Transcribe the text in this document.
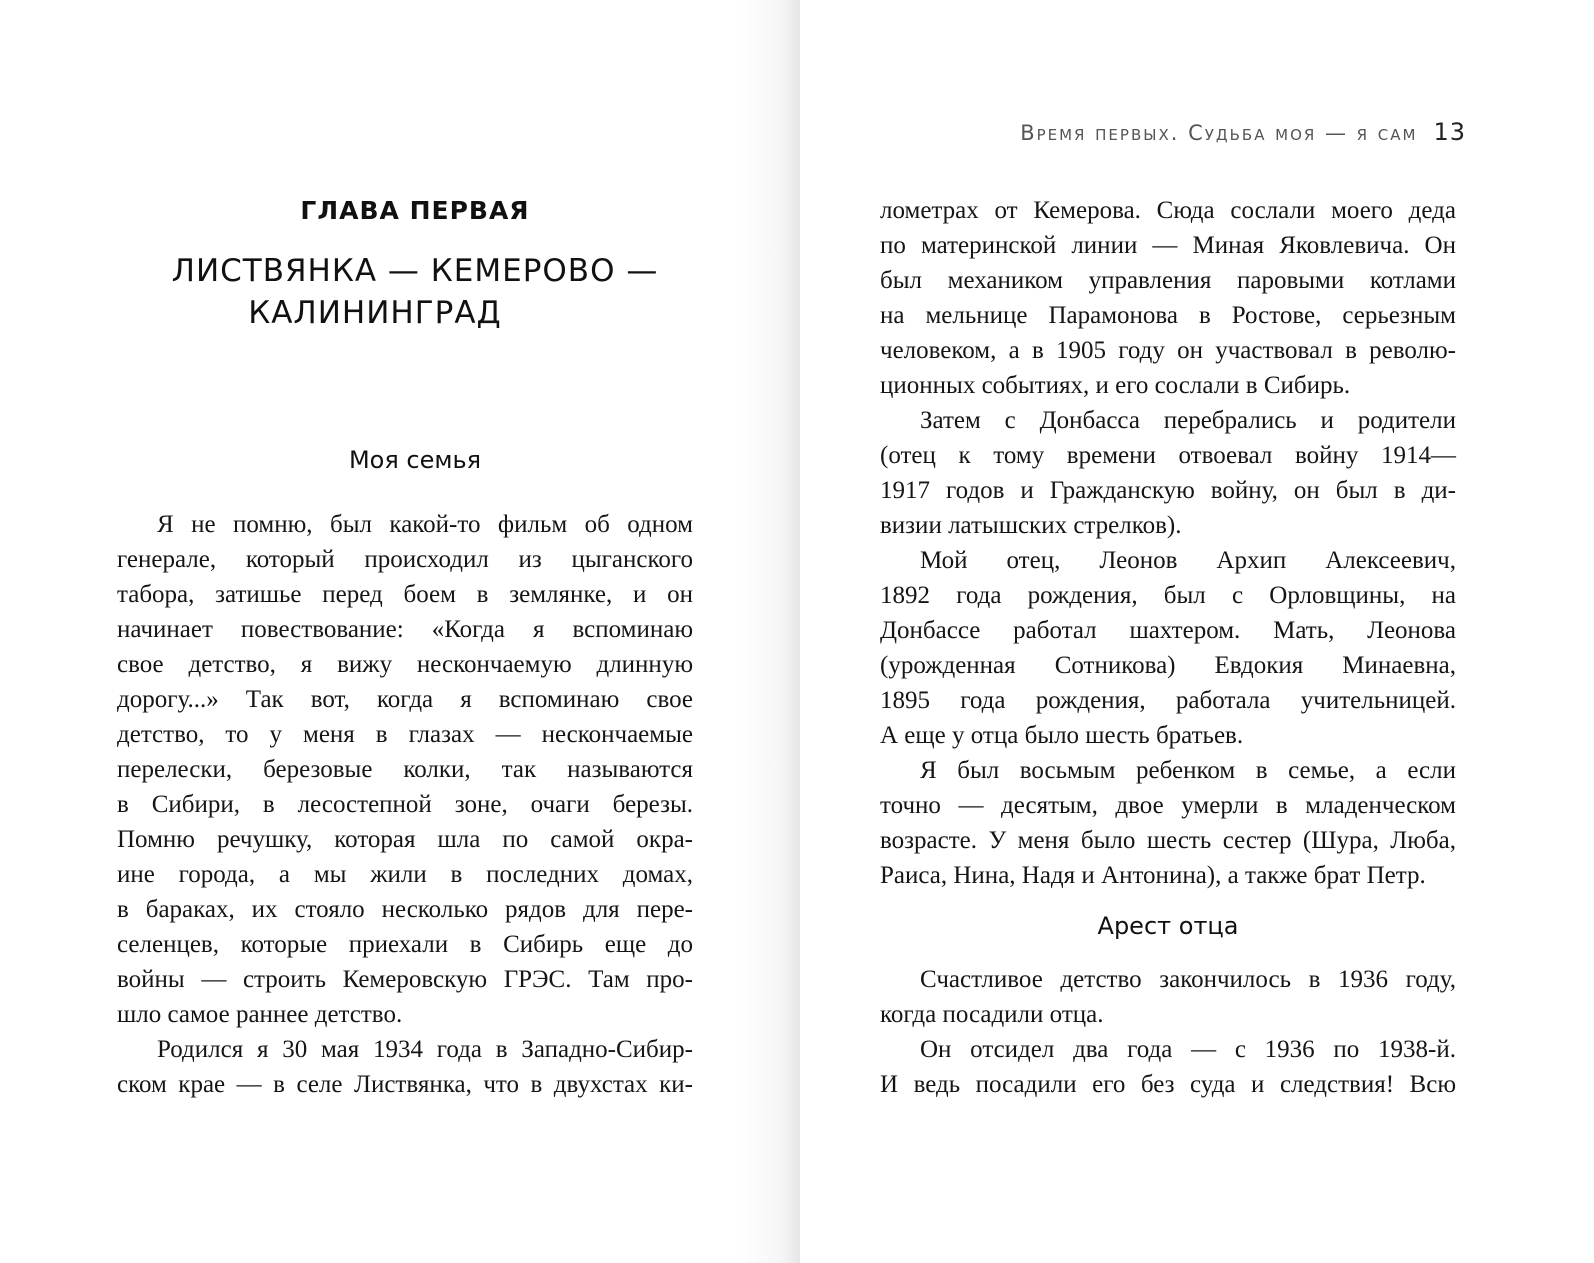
ГЛАВА ПЕРВАЯ
ЛИСТВЯНКА — КЕМЕРОВО —
КАЛИНИНГРАД
Моя семья
Я не помню, был какой-то фильм об одном
генерале, который происходил из цыганского
табора, затишье перед боем в землянке, и он
начинает повествование: «Когда я вспоминаю
свое детство, я вижу нескончаемую длинную
дорогу...» Так вот, когда я вспоминаю свое
детство, то у меня в глазах — нескончаемые
перелески, березовые колки, так называются
в Сибири, в лесостепной зоне, очаги березы.
Помню речушку, которая шла по самой окра-
ине города, а мы жили в последних домах,
в бараках, их стояло несколько рядов для пере-
селенцев, которые приехали в Сибирь еще до
войны — строить Кемеровскую ГРЭС. Там про-
шло самое раннее детство.
Родился я 30 мая 1934 года в Западно-Сибир-
ском крае — в селе Листвянка, что в двухстах ки-
Время первых. Судьба моя — я сам 13
лометрах от Кемерова. Сюда сослали моего деда
по материнской линии — Миная Яковлевича. Он
был механиком управления паровыми котлами
на мельнице Парамонова в Ростове, серьезным
человеком, а в 1905 году он участвовал в револю-
ционных событиях, и его сослали в Сибирь.
Затем с Донбасса перебрались и родители
(отец к тому времени отвоевал войну 1914—
1917 годов и Гражданскую войну, он был в ди-
визии латышских стрелков).
Мой отец, Леонов Архип Алексеевич,
1892 года рождения, был с Орловщины, на
Донбассе работал шахтером. Мать, Леонова
(урожденная Сотникова) Евдокия Минаевна,
1895 года рождения, работала учительницей.
А еще у отца было шесть братьев.
Я был восьмым ребенком в семье, а если
точно — десятым, двое умерли в младенческом
возрасте. У меня было шесть сестер (Шура, Люба,
Раиса, Нина, Надя и Антонина), а также брат Петр.
Арест отца
Счастливое детство закончилось в 1936 году,
когда посадили отца.
Он отсидел два года — с 1936 по 1938-й.
И ведь посадили его без суда и следствия! Всю
